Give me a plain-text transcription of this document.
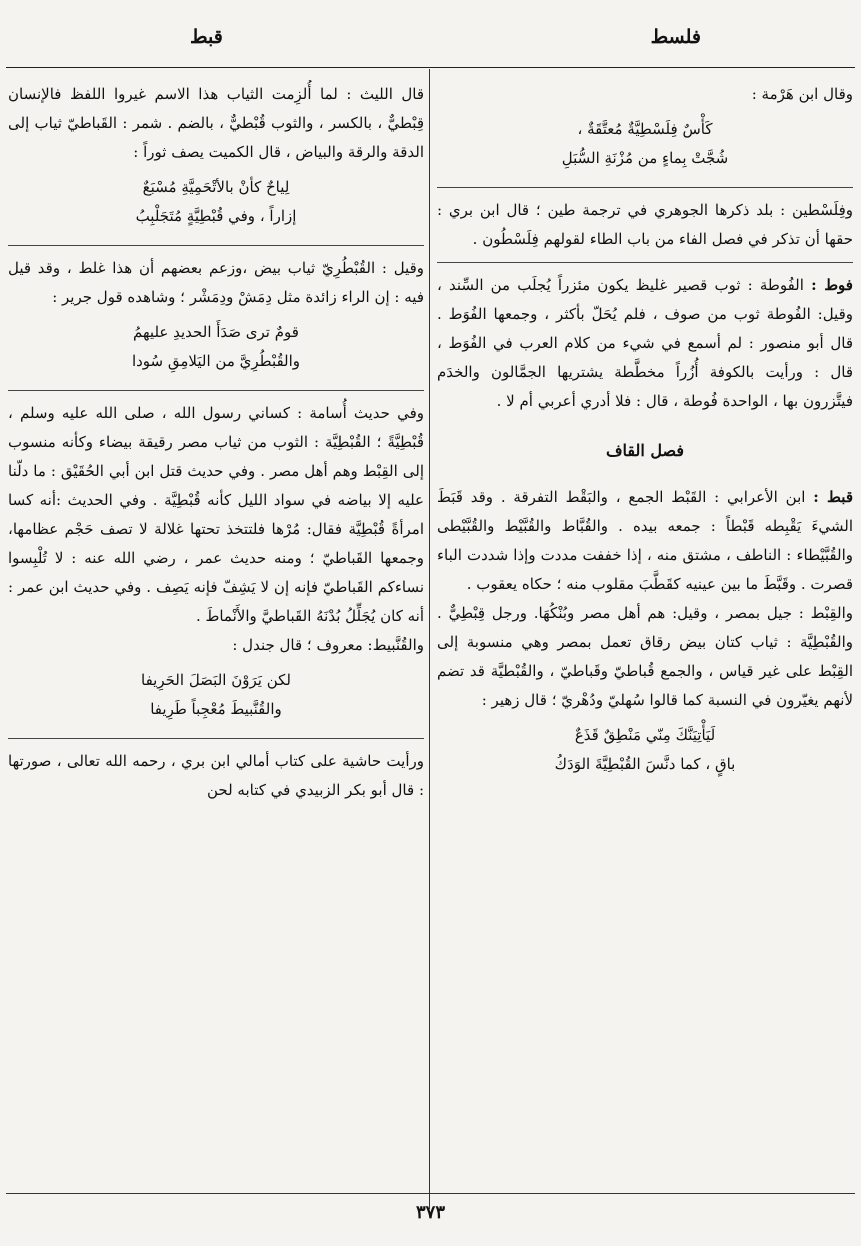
فلسط
قبط

وقال ابن هَرْمة :

كَأْسٌ فِلَسْطِيَّةٌ مُعتَّقَةٌ ،
شُجَّتْ بِماءٍ من مُزْنَةِ السُّبَلِ

وفِلَسْطين : بلد ذكرها الجوهري في ترجمة طين ؛ قال ابن بري : حقها أن تذكر في فصل الفاء من باب الطاء لقولهم فِلَسْطُون .

فوط : الفُوطة : ثوب قصير غليظ يكون مئزراً يُجلَب من السِّند ، وقيل: الفُوطة ثوب من صوف ، فلم يُحَلّ بأكثر ، وجمعها الفُوَط . قال أبو منصور : لم أسمع في شيء من كلام العرب في الفُوَط ، قال : ورأيت بالكوفة أُزُراً مخطَّطة يشتريها الجمَّالون والخدَم فيتَّزرون بها ، الواحدة فُوطة ، قال : فلا أدري أعربي أم لا .

فصل القاف

قبط : ابن الأعرابي : القَبْط الجمع ، والبَقْط التفرقة . وقد قَبَطَ الشيءَ يَقْبِطه قَبْطاً : جمعه بيده . والقُبَّاط والقُبَّيْط والقُبَّيْطى والقُبَّيْطاء : الناطف ، مشتق منه ، إذا خففت مددت وإذا شددت الباء قصرت . وقَبَّطَ ما بين عينيه كقَطَّبَ مقلوب منه ؛ حكاه يعقوب .

والقِبْط : جيل بمصر ، وقيل: هم أهل مصر وبُنْكُهَا. ورجل قِبْطِيٌّ . والقُبْطِيَّة : ثياب كتان بيض رقاق تعمل بمصر وهي منسوبة إلى القِبْط على غير قياس ، والجمع قُباطيّ وقَباطيّ ، والقُبْطيَّة قد تضم لأنهم يغيّرون في النسبة كما قالوا سُهليّ ودُهْريّ ؛ قال زهير :

لَيَأْتِيَنَّكَ مِنّي مَنْطِقٌ قَذَعٌ
باقٍ ، كما دنَّسَ القُبْطِيَّةَ الوَدَكُ

قال الليث : لما أُلزِمت الثياب هذا الاسم غيروا اللفظ فالإنسان قِبْطيٌّ ، بالكسر ، والثوب قُبْطيٌّ ، بالضم . شمر : القَباطيّ ثياب إلى الدقة والرقة والبياض ، قال الكميت يصف ثوراً :

لِياحٌ كأنْ بالأتْحَمِيَّةِ مُسْبَعٌ
إزاراً ، وفي قُبْطِيَّةٍ مُتَجَلْبِبُ

وقيل : القُبْطُرِيّ ثياب بيض ،وزعم بعضهم أن هذا غلط ، وقد قيل فيه : إن الراء زائدة مثل دِمَشْ ودِمَشْر ؛ وشاهده قول جرير :

قومٌ ترى صَدَأَ الحديدِ عليهمُ
والقُبْطُرِيَّ من اليَلامِقِ سُودا

وفي حديث أُسامة : كساني رسول الله ، صلى الله عليه وسلم ، قُبْطِيَّةً ؛ القُبْطِيَّة : الثوب من ثياب مصر رقيقة بيضاء وكأنه منسوب إلى القِبْط وهم أهل مصر . وفي حديث قتل ابن أبي الحُقَيْق : ما دلّنا عليه إلا بياضه في سواد الليل كأنه قُبْطِيَّة . وفي الحديث :أنه كسا امرأةً قُبْطِيَّة فقال: مُرْها فلتتخذ تحتها غلالة لا تصف حَجْم عظامها، وجمعها القَباطيّ ؛ ومنه حديث عمر ، رضي الله عنه : لا تُلْبِسوا نساءكم القَباطيّ فإنه إن لا يَشِفّ فإنه يَصِف . وفي حديث ابن عمر : أنه كان يُجَلِّلُ بُدْنَهُ القَباطيَّ والأَنْماطَ .

والقُنَّبيط: معروف ؛ قال جندل :

لكن يَرَوْنَ البَصَلَ الحَرِيفا
والقُنَّبيطَ مُعْجِباً طَرِيفا

ورأيت حاشية على كتاب أمالي ابن بري ، رحمه الله تعالى ، صورتها : قال أبو بكر الزبيدي في كتابه لحن

٣٧٣
